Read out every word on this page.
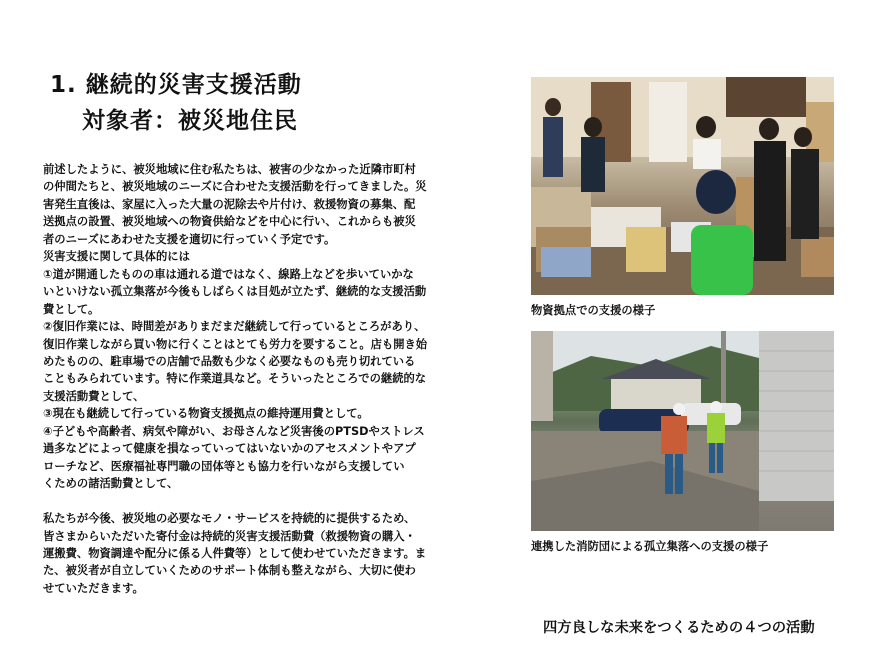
1. 継続的災害支援活動
対象者：被災地住民
前述したように、被災地域に住む私たちは、被害の少なかった近隣市町村
の仲間たちと、被災地域のニーズに合わせた支援活動を行ってきました。災
害発生直後は、家屋に入った大量の泥除去や片付け、救援物資の募集、配
送拠点の設置、被災地域への物資供給などを中心に行い、これからも被災
者のニーズにあわせた支援を適切に行っていく予定です。
災害支援に関して具体的には
①道が開通したものの車は通れる道ではなく、線路上などを歩いていかな
いといけない孤立集落が今後もしばらくは目処が立たず、継続的な支援活動
費として。
②復旧作業には、時間差がありまだまだ継続して行っているところがあり、
復旧作業しながら買い物に行くことはとても労力を要すること。店も開き始
めたものの、駐車場での店舗で品数も少なく必要なものも売り切れている
こともみられています。特に作業道具など。そういったところでの継続的な
支援活動費として、
③現在も継続して行っている物資支援拠点の維持運用費として。
④子どもや高齢者、病気や障がい、お母さんなど災害後のPTSDやストレス
過多などによって健康を損なっていってはいないかのアセスメントやアプ
ローチなど、医療福祉専門職の団体等とも協力を行いながら支援してい
くための諸活動費として、
私たちが今後、被災地の必要なモノ・サービスを持続的に提供するため、
皆さまからいただいた寄付金は持続的災害支援活動費（救援物資の購入・
運搬費、物資調達や配分に係る人件費等）として使わせていただきます。ま
た、被災者が自立していくためのサポート体制も整えながら、大切に使わ
せていただきます。
物資拠点での支援の様子
連携した消防団による孤立集落への支援の様子
四方良しな未来をつくるための４つの活動
